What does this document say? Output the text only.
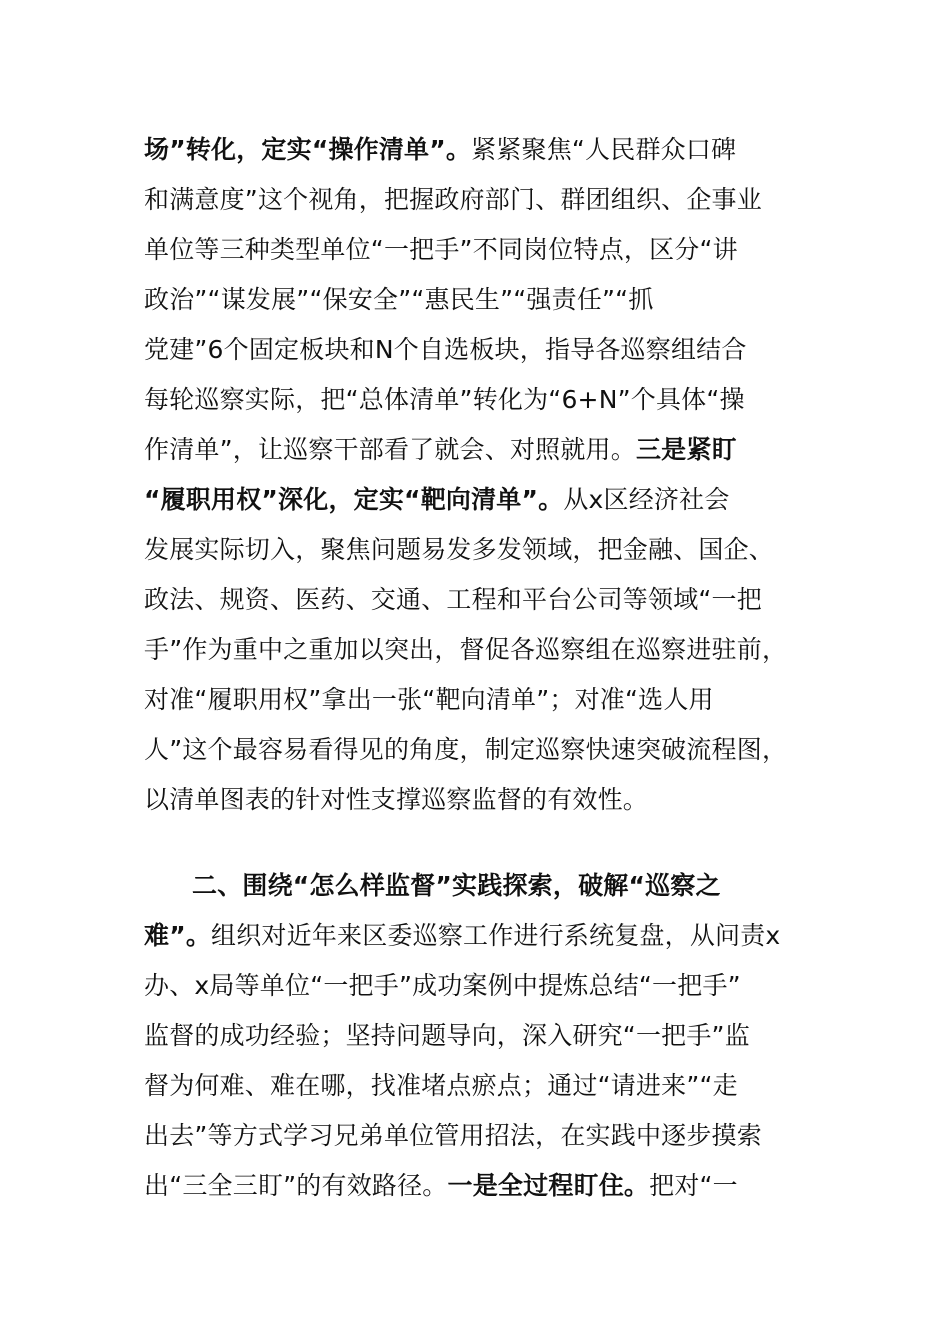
场”转化，定实“操作清单”。紧紧聚焦“人民群众口碑
和满意度”这个视角，把握政府部门、群团组织、企事业
单位等三种类型单位“一把手”不同岗位特点，区分“讲
政治”“谋发展”“保安全”“惠民生”“强责任”“抓
党建”6个固定板块和N个自选板块，指导各巡察组结合
每轮巡察实际，把“总体清单”转化为“6+N”个具体“操
作清单”，让巡察干部看了就会、对照就用。三是紧盯
“履职用权”深化，定实“靶向清单”。从x区经济社会
发展实际切入，聚焦问题易发多发领域，把金融、国企、
政法、规资、医药、交通、工程和平台公司等领域“一把
手”作为重中之重加以突出，督促各巡察组在巡察进驻前，
对准“履职用权”拿出一张“靶向清单”；对准“选人用
人”这个最容易看得见的角度，制定巡察快速突破流程图，
以清单图表的针对性支撑巡察监督的有效性。
二、围绕“怎么样监督”实践探索，破解“巡察之
难”。组织对近年来区委巡察工作进行系统复盘，从问责x
办、x局等单位“一把手”成功案例中提炼总结“一把手”
监督的成功经验；坚持问题导向，深入研究“一把手”监
督为何难、难在哪，找准堵点瘀点；通过“请进来”“走
出去”等方式学习兄弟单位管用招法，在实践中逐步摸索
出“三全三盯”的有效路径。一是全过程盯住。把对“一
